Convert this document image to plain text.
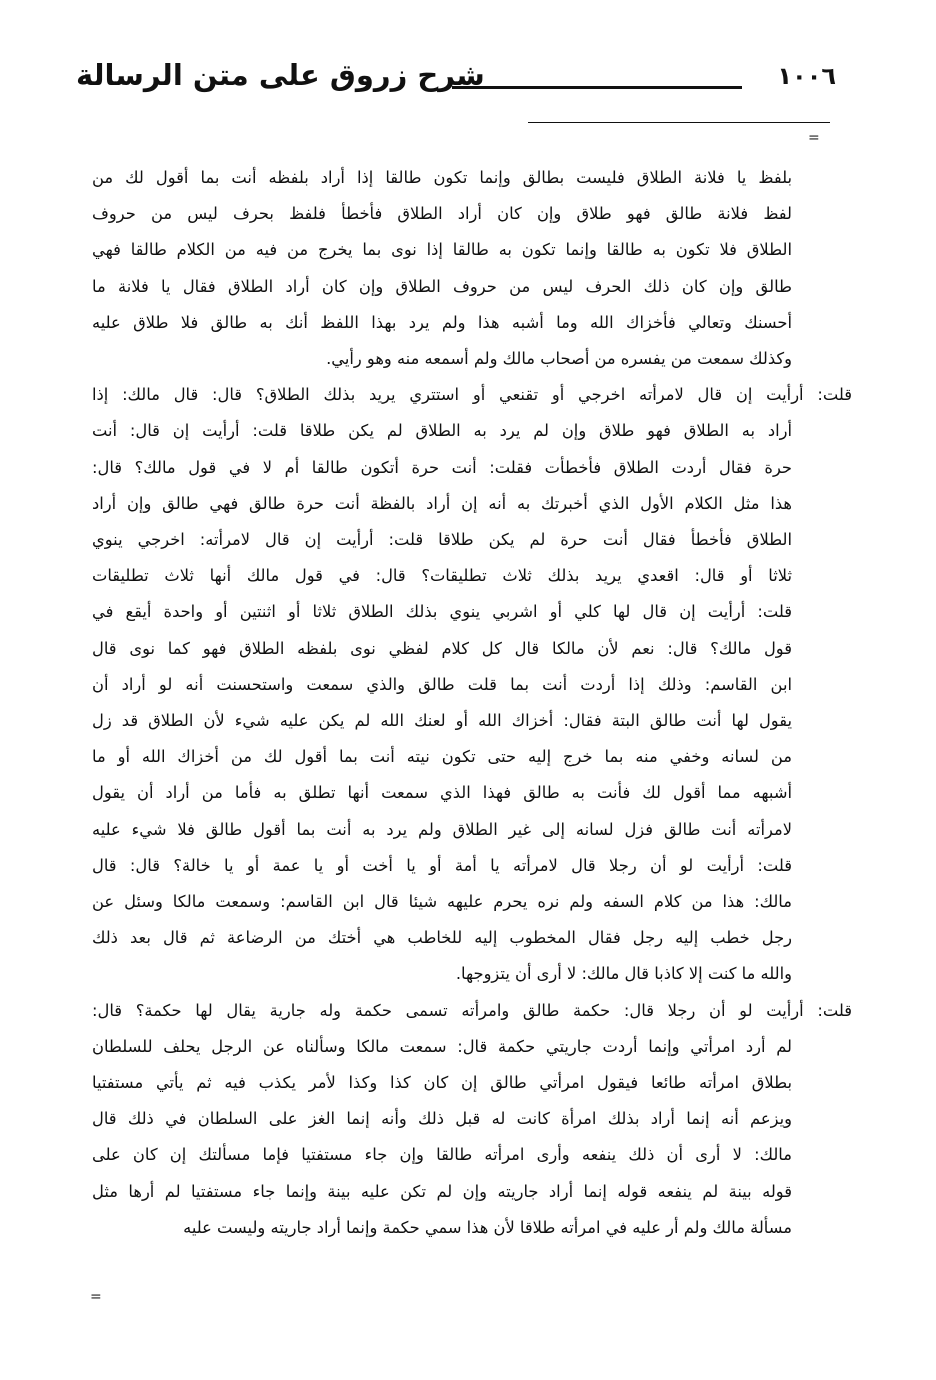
١٠٠٦
شرح زروق على متن الرسالة
=
بلفظ يا فلانة الطلاق فليست بطالق وإنما تكون طالقا إذا أراد بلفظه أنت بما أقول لك من
لفظ فلانة طالق فهو طلاق وإن كان أراد الطلاق فأخطأ فلفظ بحرف ليس من حروف
الطلاق فلا تكون به طالقا وإنما تكون به طالقا إذا نوى بما يخرج من فيه من الكلام طالقا فهي
طالق وإن كان ذلك الحرف ليس من حروف الطلاق وإن كان أراد الطلاق فقال يا فلانة ما
أحسنك وتعالي فأخزاك الله وما أشبه هذا ولم يرد بهذا اللفظ أنك به طالق فلا طلاق عليه
وكذلك سمعت من يفسره من أصحاب مالك ولم أسمعه منه وهو رأيي.
قلت: أرأيت إن قال لامرأته اخرجي أو تقنعي أو استتري يريد بذلك الطلاق؟ قال: قال مالك: إذا
أراد به الطلاق فهو طلاق وإن لم يرد به الطلاق لم يكن طلاقا قلت: أرأيت إن قال: أنت
حرة فقال أردت الطلاق فأخطأت فقلت: أنت حرة أتكون طالقا أم لا في قول مالك؟ قال:
هذا مثل الكلام الأول الذي أخبرتك به أنه إن أراد بالفظة أنت حرة طالق فهي طالق وإن أراد
الطلاق فأخطأ فقال أنت حرة لم يكن طلاقا قلت: أرأيت إن قال لامرأته: اخرجي ينوي
ثلاثا أو قال: اقعدي يريد بذلك ثلاث تطليقات؟ قال: في قول مالك أنها ثلاث تطليقات
قلت: أرأيت إن قال لها كلي أو اشربي ينوي بذلك الطلاق ثلاثا أو اثنتين أو واحدة أيقع في
قول مالك؟ قال: نعم لأن مالكا قال كل كلام لفظي نوى بلفظه الطلاق فهو كما نوى قال
ابن القاسم: وذلك إذا أردت أنت بما قلت طالق والذي سمعت واستحسنت أنه لو أراد أن
يقول لها أنت طالق البتة فقال: أخزاك الله أو لعنك الله لم يكن عليه شيء لأن الطلاق قد زل
من لسانه وخفي منه بما خرج إليه حتى تكون نيته أنت بما أقول لك من أخزاك الله أو ما
أشبهه مما أقول لك فأنت به طالق فهذا الذي سمعت أنها تطلق به فأما من أراد أن يقول
لامرأته أنت طالق فزل لسانه إلى غير الطلاق ولم يرد به أنت بما أقول طالق فلا شيء عليه
قلت: أرأيت لو أن رجلا قال لامرأته يا أمة أو يا أخت أو يا عمة أو يا خالة؟ قال: قال
مالك: هذا من كلام السفه ولم نره يحرم عليهه شيئا قال ابن القاسم: وسمعت مالكا وسئل عن
رجل خطب إليه رجل فقال المخطوب إليه للخاطب هي أختك من الرضاعة ثم قال بعد ذلك
والله ما كنت إلا كاذبا قال مالك: لا أرى أن يتزوجها.
قلت: أرأيت لو أن رجلا قال: حكمة طالق وامرأته تسمى حكمة وله جارية يقال لها حكمة؟ قال:
لم أرد امرأتي وإنما أردت جاريتي حكمة قال: سمعت مالكا وسألناه عن الرجل يحلف للسلطان
بطلاق امرأته طائعا فيقول امرأتي طالق إن كان كذا وكذا لأمر يكذب فيه ثم يأتي مستفتيا
ويزعم أنه إنما أراد بذلك امرأة كانت له قبل ذلك وأنه إنما الغز على السلطان في ذلك قال
مالك: لا أرى أن ذلك ينفعه وأرى امرأته طالقا وإن جاء مستفتيا فإما مسألتك إن كان على
قوله بينة لم ينفعه قوله إنما أراد جاريته وإن لم تكن عليه بينة وإنما جاء مستفتيا لم أرها مثل
مسألة مالك ولم أر عليه في امرأته طلاقا لأن هذا سمي حكمة وإنما أراد جاريته وليست عليه
=
